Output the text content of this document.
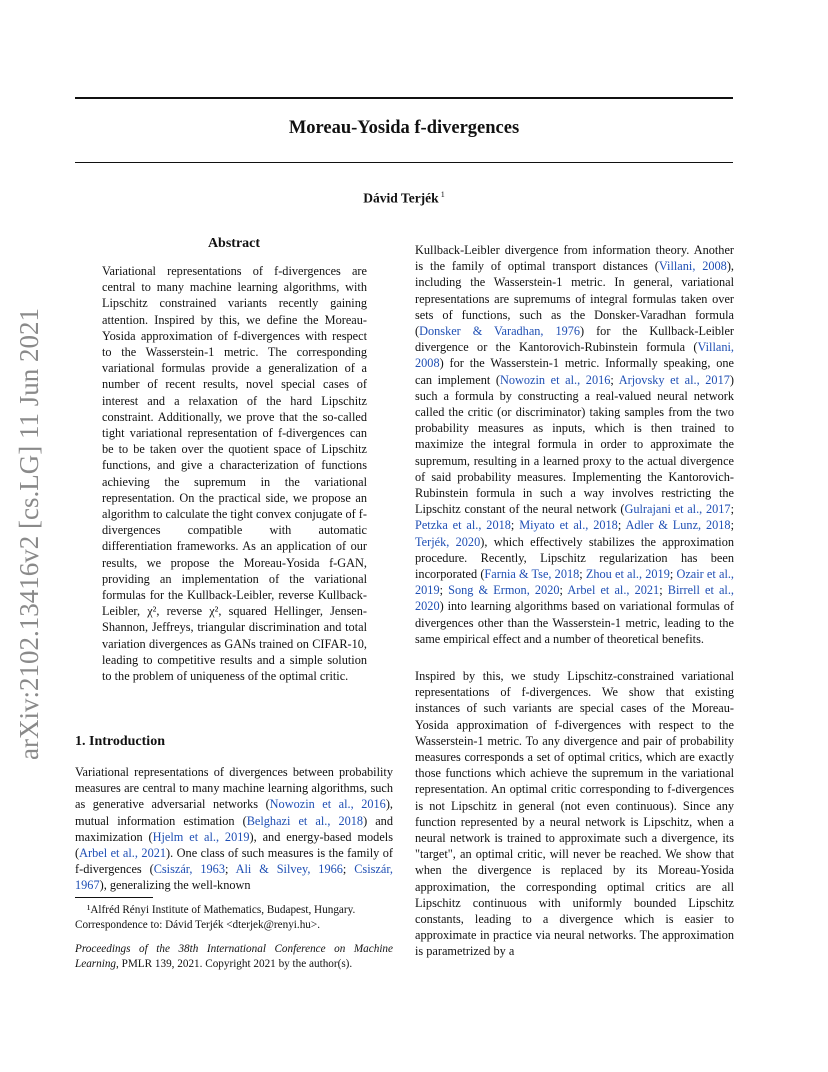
Moreau-Yosida f-divergences
Dávid Terjék $^1$
arXiv:2102.13416v2 [cs.LG] 11 Jun 2021
Abstract

Variational representations of f-divergences are central to many machine learning algorithms, with Lipschitz constrained variants recently gaining attention. Inspired by this, we define the Moreau-Yosida approximation of f-divergences with respect to the Wasserstein-1 metric. The corresponding variational formulas provide a generalization of a number of recent results, novel special cases of interest and a relaxation of the hard Lipschitz constraint. Additionally, we prove that the so-called tight variational representation of f-divergences can be to be taken over the quotient space of Lipschitz functions, and give a characterization of functions achieving the supremum in the variational representation. On the practical side, we propose an algorithm to calculate the tight convex conjugate of f-divergences compatible with automatic differentiation frameworks. As an application of our results, we propose the Moreau-Yosida f-GAN, providing an implementation of the variational formulas for the Kullback-Leibler, reverse Kullback-Leibler, χ², reverse χ², squared Hellinger, Jensen-Shannon, Jeffreys, triangular discrimination and total variation divergences as GANs trained on CIFAR-10, leading to competitive results and a simple solution to the problem of uniqueness of the optimal critic.

1. Introduction

Variational representations of divergences between probability measures are central to many machine learning algorithms, such as generative adversarial networks (Nowozin et al., 2016), mutual information estimation (Belghazi et al., 2018) and maximization (Hjelm et al., 2019), and energy-based models (Arbel et al., 2021). One class of such measures is the family of f-divergences (Csiszár, 1963; Ali & Silvey, 1966; Csiszár, 1967), generalizing the well-known

¹Alfréd Rényi Institute of Mathematics, Budapest, Hungary.
Correspondence to: Dávid Terjék <dterjek@renyi.hu>.

Proceedings of the 38th International Conference on Machine Learning, PMLR 139, 2021. Copyright 2021 by the author(s).

Kullback-Leibler divergence from information theory. Another is the family of optimal transport distances (Villani, 2008), including the Wasserstein-1 metric. In general, variational representations are supremums of integral formulas taken over sets of functions, such as the Donsker-Varadhan formula (Donsker & Varadhan, 1976) for the Kullback-Leibler divergence or the Kantorovich-Rubinstein formula (Villani, 2008) for the Wasserstein-1 metric. Informally speaking, one can implement (Nowozin et al., 2016; Arjovsky et al., 2017) such a formula by constructing a real-valued neural network called the critic (or discriminator) taking samples from the two probability measures as inputs, which is then trained to maximize the integral formula in order to approximate the supremum, resulting in a learned proxy to the actual divergence of said probability measures. Implementing the Kantorovich-Rubinstein formula in such a way involves restricting the Lipschitz constant of the neural network (Gulrajani et al., 2017; Petzka et al., 2018; Miyato et al., 2018; Adler & Lunz, 2018; Terjék, 2020), which effectively stabilizes the approximation procedure. Recently, Lipschitz regularization has been incorporated (Farnia & Tse, 2018; Zhou et al., 2019; Ozair et al., 2019; Song & Ermon, 2020; Arbel et al., 2021; Birrell et al., 2020) into learning algorithms based on variational formulas of divergences other than the Wasserstein-1 metric, leading to the same empirical effect and a number of theoretical benefits.

Inspired by this, we study Lipschitz-constrained variational representations of f-divergences. We show that existing instances of such variants are special cases of the Moreau-Yosida approximation of f-divergences with respect to the Wasserstein-1 metric. To any divergence and pair of probability measures corresponds a set of optimal critics, which are exactly those functions which achieve the supremum in the variational representation. An optimal critic corresponding to f-divergences is not Lipschitz in general (not even continuous). Since any function represented by a neural network is Lipschitz, when a neural network is trained to approximate such a divergence, its "target", an optimal critic, will never be reached. We show that when the divergence is replaced by its Moreau-Yosida approximation, the corresponding optimal critics are all Lipschitz continuous with uniformly bounded Lipschitz constants, leading to a divergence which is easier to approximate in practice via neural networks. The approximation is parametrized by a
